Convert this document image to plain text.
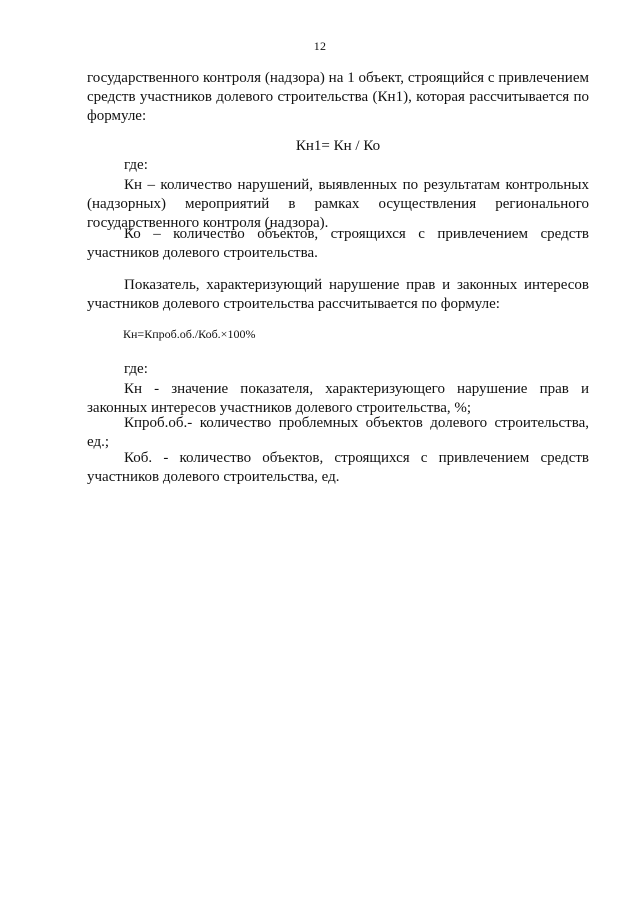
12

государственного контроля (надзора) на 1 объект, строящийся с привлечением средств участников долевого строительства (Кн1), которая рассчитывается по формуле:

Кн1= Кн / Ко
где:

Кн – количество нарушений, выявленных по результатам контрольных (надзорных) мероприятий в рамках осуществления регионального государственного контроля (надзора).

Ко – количество объектов, строящихся с привлечением средств участников долевого строительства.

Показатель, характеризующий нарушение прав и законных интересов участников долевого строительства рассчитывается по формуле:

Кн=Кпроб.об./Коб.×100%
где:

Кн - значение показателя, характеризующего нарушение прав и законных интересов участников долевого строительства, %;

Кпроб.об.- количество проблемных объектов долевого строительства, ед.;

Коб. - количество объектов, строящихся с привлечением средств участников долевого строительства, ед.
